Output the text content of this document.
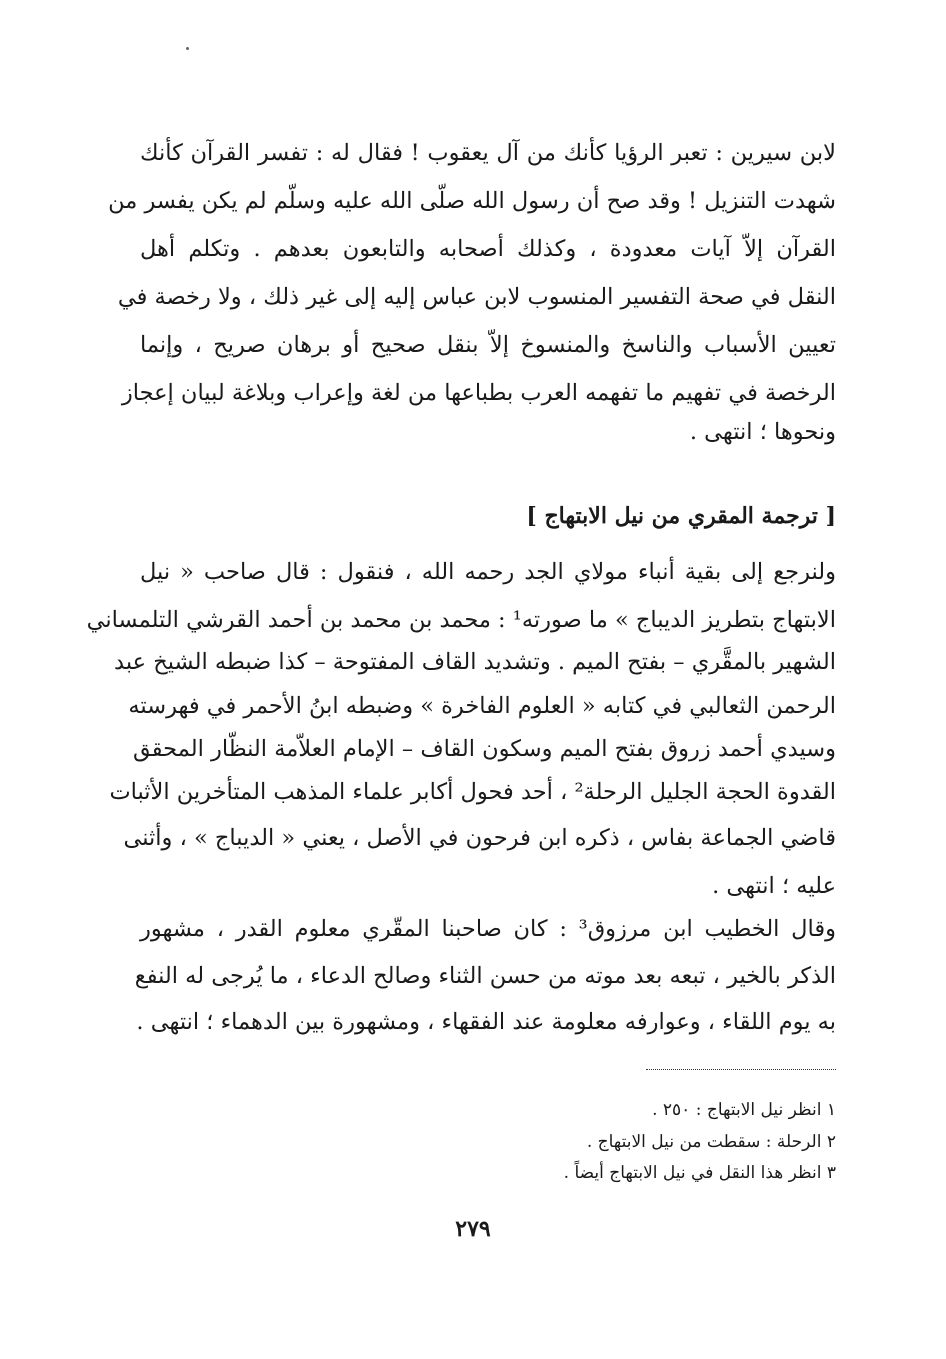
لابن سيرين : تعبر الرؤيا كأنك من آل يعقوب ! فقال له : تفسر القرآن كأنك
شهدت التنزيل ! وقد صح أن رسول الله صلّى الله عليه وسلّم لم يكن يفسر من
القرآن إلاّ آيات معدودة ، وكذلك أصحابه والتابعون بعدهم . وتكلم أهل
النقل في صحة التفسير المنسوب لابن عباس إليه إلى غير ذلك ، ولا رخصة في
تعيين الأسباب والناسخ والمنسوخ إلاّ بنقل صحيح أو برهان صريح ، وإنما
الرخصة في تفهيم ما تفهمه العرب بطباعها من لغة وإعراب وبلاغة لبيان إعجاز
ونحوها ؛ انتهى .
[ ترجمة المقري من نيل الابتهاج ]
ولنرجع إلى بقية أنباء مولاي الجد رحمه الله ، فنقول : قال صاحب « نيل
الابتهاج بتطريز الديباج » ما صورته¹ : محمد بن محمد بن أحمد القرشي التلمساني
الشهير بالمقَّري – بفتح الميم . وتشديد القاف المفتوحة – كذا ضبطه الشيخ عبد
الرحمن الثعالبي في كتابه « العلوم الفاخرة » وضبطه ابنُ الأحمر في فهرسته
وسيدي أحمد زروق بفتح الميم وسكون القاف – الإمام العلاّمة النظّار المحقق
القدوة الحجة الجليل الرحلة² ، أحد فحول أكابر علماء المذهب المتأخرين الأثبات
قاضي الجماعة بفاس ، ذكره ابن فرحون في الأصل ، يعني « الديباج » ، وأثنى
عليه ؛ انتهى .
وقال الخطيب ابن مرزوق³ : كان صاحبنا المقّري معلوم القدر ، مشهور
الذكر بالخير ، تبعه بعد موته من حسن الثناء وصالح الدعاء ، ما يُرجى له النفع
به يوم اللقاء ، وعوارفه معلومة عند الفقهاء ، ومشهورة بين الدهماء ؛ انتهى .
١ انظر نيل الابتهاج : ٢٥٠ .
٢ الرحلة : سقطت من نيل الابتهاج .
٣ انظر هذا النقل في نيل الابتهاج أيضاً .
٢٧٩
